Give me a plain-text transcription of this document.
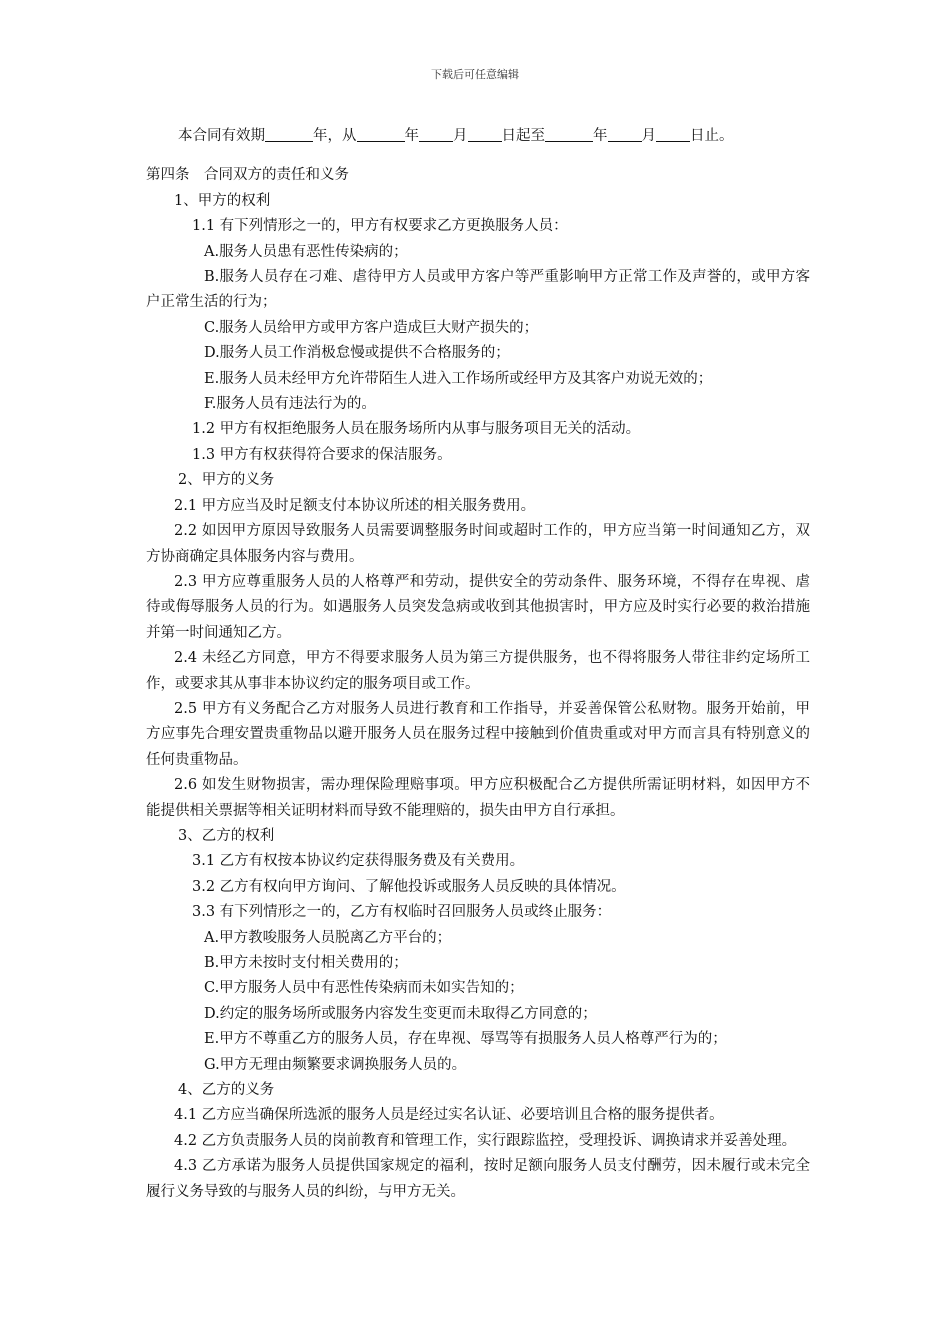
下载后可任意编辑
本合同有效期	年，从	年 月 日起至	年 月 日止。
第四条　合同双方的责任和义务
1、甲方的权利
1.1 有下列情形之一的，甲方有权要求乙方更换服务人员：
A.服务人员患有恶性传染病的；
B.服务人员存在刁难、虐待甲方人员或甲方客户等严重影响甲方正常工作及声誉的，或甲方客户正常生活的行为；
C.服务人员给甲方或甲方客户造成巨大财产损失的；
D.服务人员工作消极怠慢或提供不合格服务的；
E.服务人员未经甲方允许带陌生人进入工作场所或经甲方及其客户劝说无效的；
F.服务人员有违法行为的。
1.2 甲方有权拒绝服务人员在服务场所内从事与服务项目无关的活动。
1.3 甲方有权获得符合要求的保洁服务。
2、甲方的义务
2.1 甲方应当及时足额支付本协议所述的相关服务费用。
2.2 如因甲方原因导致服务人员需要调整服务时间或超时工作的，甲方应当第一时间通知乙方，双方协商确定具体服务内容与费用。
2.3 甲方应尊重服务人员的人格尊严和劳动，提供安全的劳动条件、服务环境，不得存在卑视、虐待或侮辱服务人员的行为。如遇服务人员突发急病或收到其他损害时，甲方应及时实行必要的救治措施并第一时间通知乙方。
2.4 未经乙方同意，甲方不得要求服务人员为第三方提供服务，也不得将服务人带往非约定场所工作，或要求其从事非本协议约定的服务项目或工作。
2.5 甲方有义务配合乙方对服务人员进行教育和工作指导，并妥善保管公私财物。服务开始前，甲方应事先合理安置贵重物品以避开服务人员在服务过程中接触到价值贵重或对甲方而言具有特别意义的任何贵重物品。
2.6 如发生财物损害，需办理保险理赔事项。甲方应积极配合乙方提供所需证明材料，如因甲方不能提供相关票据等相关证明材料而导致不能理赔的，损失由甲方自行承担。
3、乙方的权利
3.1 乙方有权按本协议约定获得服务费及有关费用。
3.2 乙方有权向甲方询问、了解他投诉或服务人员反映的具体情况。
3.3 有下列情形之一的，乙方有权临时召回服务人员或终止服务：
A.甲方教唆服务人员脱离乙方平台的；
B.甲方未按时支付相关费用的；
C.甲方服务人员中有恶性传染病而未如实告知的；
D.约定的服务场所或服务内容发生变更而未取得乙方同意的；
E.甲方不尊重乙方的服务人员，存在卑视、辱骂等有损服务人员人格尊严行为的；
G.甲方无理由频繁要求调换服务人员的。
4、乙方的义务
4.1 乙方应当确保所选派的服务人员是经过实名认证、必要培训且合格的服务提供者。
4.2 乙方负责服务人员的岗前教育和管理工作，实行跟踪监控，受理投诉、调换请求并妥善处理。
4.3 乙方承诺为服务人员提供国家规定的福利，按时足额向服务人员支付酬劳，因未履行或未完全履行义务导致的与服务人员的纠纷，与甲方无关。
